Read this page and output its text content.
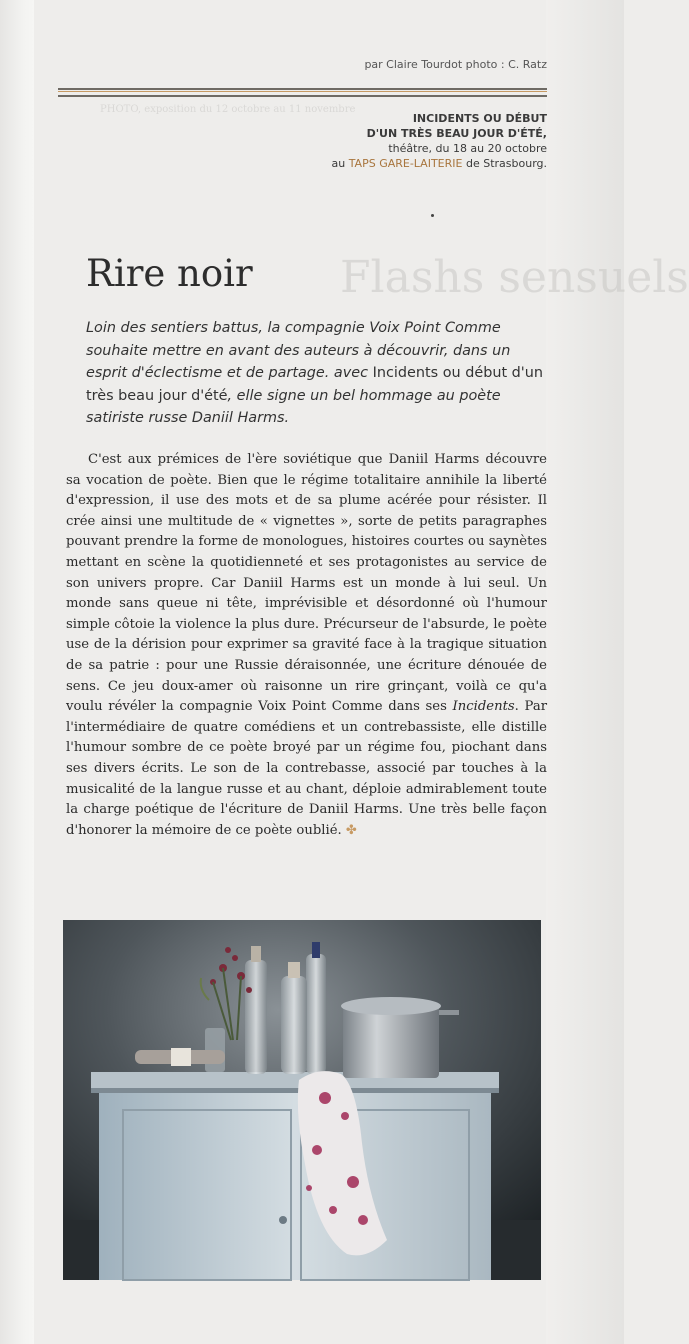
PHOTO, exposition du 12 octobre au 11 novembre
Flashs sensuels
par Claire Tourdot photo : C. Ratz
INCIDENTS OU DÉBUT
D'UN TRÈS BEAU JOUR D'ÉTÉ,
théâtre, du 18 au 20 octobre
au TAPS GARE-LAITERIE de Strasbourg.
Rire noir
Loin des sentiers battus, la compagnie Voix Point Comme souhaite mettre en avant des auteurs à découvrir, dans un esprit d'éclectisme et de partage. avec Incidents ou début d'un très beau jour d'été, elle signe un bel hommage au poète satiriste russe Daniil Harms.

C'est aux prémices de l'ère soviétique que Daniil Harms découvre sa vocation de poète. Bien que le régime totalitaire annihile la liberté d'expression, il use des mots et de sa plume acérée pour résister. Il crée ainsi une multitude de « vignettes », sorte de petits paragraphes pouvant prendre la forme de monologues, histoires courtes ou saynètes mettant en scène la quotidienneté et ses protagonistes au service de son univers propre. Car Daniil Harms est un monde à lui seul. Un monde sans queue ni tête, imprévisible et désordonné où l'humour simple côtoie la violence la plus dure. Précurseur de l'absurde, le poète use de la dérision pour exprimer sa gravité face à la tragique situation de sa patrie : pour une Russie déraisonnée, une écriture dénouée de sens. Ce jeu doux-amer où raisonne un rire grinçant, voilà ce qu'a voulu révéler la compagnie Voix Point Comme dans ses Incidents. Par l'intermédiaire de quatre comédiens et un contrebassiste, elle distille l'humour sombre de ce poète broyé par un régime fou, piochant dans ses divers écrits. Le son de la contrebasse, associé par touches à la musicalité de la langue russe et au chant, déploie admirablement toute la charge poétique de l'écriture de Daniil Harms. Une très belle façon d'honorer la mémoire de ce poète oublié. ✤
